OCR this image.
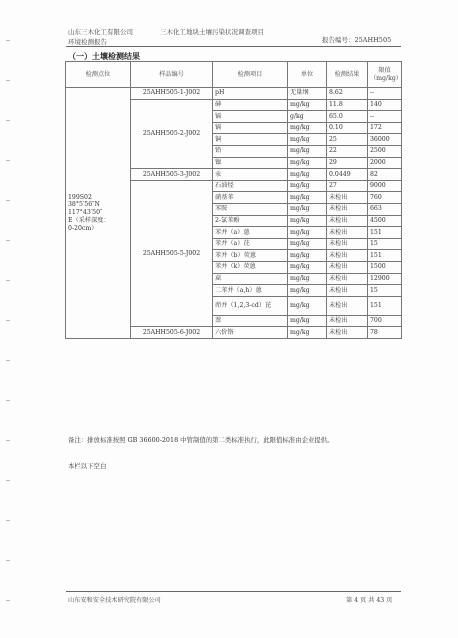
山东三木化工有限公司	三木化工地块土壤污染状况调查项目
环境检测报告	报告编号：25AHH505
（一）土壤检测结果
检测点位	样品编号	检测项目	单位	检测结果	限值
（mg/kg）

199S02
38°5′56″N
117°43′50″
E（采样深度：
0-20cm）	25AHH505-1-J002	pH	无量纲	8.62	--
	25AHH505-2-J002	砷	mg/kg	11.8	140
		镉	g/kg	65.0	--
		镉	mg/kg	0.10	172
		铜	mg/kg	25	36000
		铅	mg/kg	22	2500
		镍	mg/kg	29	2000
	25AHH505-3-J002	汞	mg/kg	0.0449	82
	25AHH505-5-J002	石油烃	mg/kg	27	9000
		硝基苯	mg/kg	未检出	760
		苯胺	mg/kg	未检出	663
		2-氯苯酚	mg/kg	未检出	4500
		苯并（a）蒽	mg/kg	未检出	151
		苯并（a）芘	mg/kg	未检出	15
		苯并（b）荧蒽	mg/kg	未检出	151
		苯并（k）荧蒽	mg/kg	未检出	1500
		䓛	mg/kg	未检出	12900
		二苯并（a,h）蒽	mg/kg	未检出	15
		茚并（1,2,3-cd）芘	mg/kg	未检出	151
		萘	mg/kg	未检出	700
	25AHH505-6-J002	六价铬	mg/kg	未检出	78
备注：排放标准按照 GB 36600-2018 中管制值的第二类标准执行，此限值标准由企业提供。
本栏以下空白
山东安和安全技术研究院有限公司	第 4 页 共 43 页
